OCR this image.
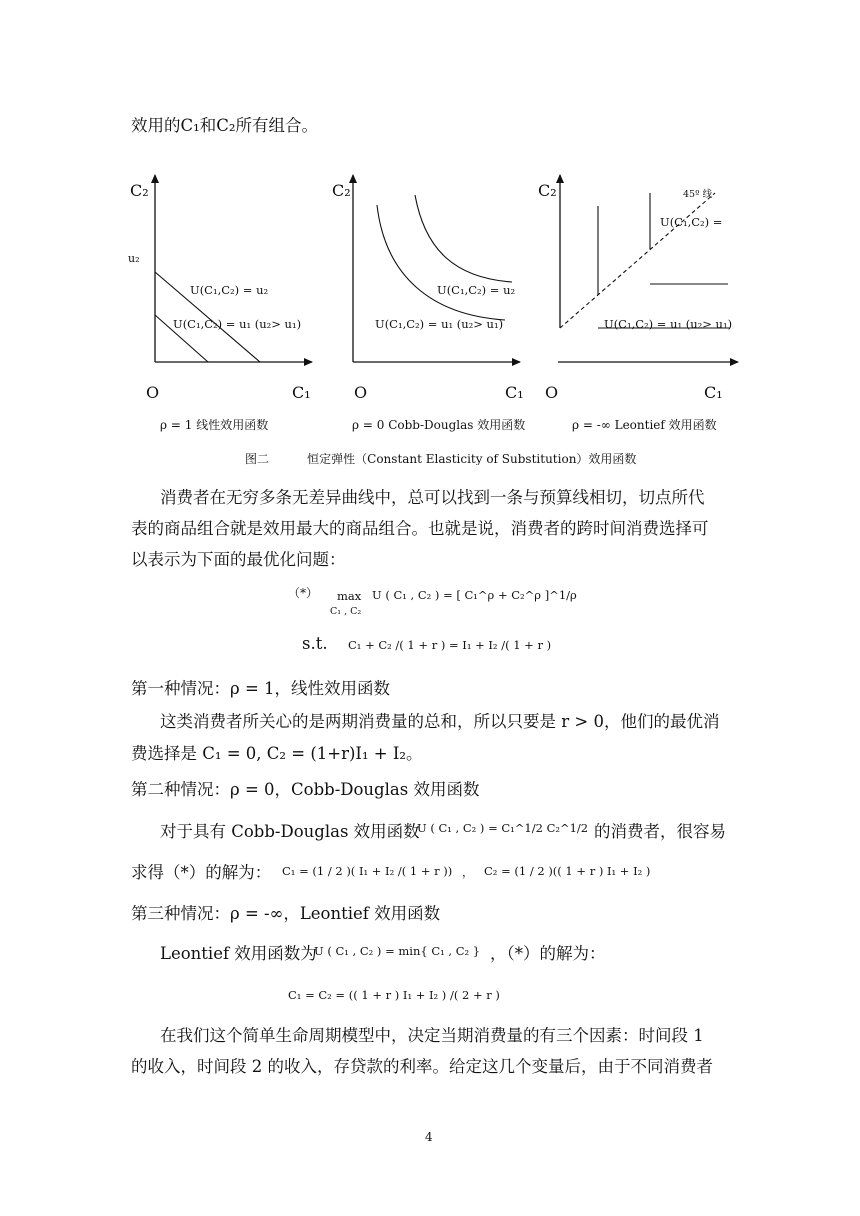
效用的C₁和C₂所有组合。
C₂
u₂
U(C₁,C₂) = u₂
U(C₁,C₂) = u₁ (u₂> u₁)
O	C₁
C₂
U(C₁,C₂) = u₂
U(C₁,C₂) = u₁ (u₂> u₁)
O	C₁
C₂	45º 线
U(C₁,C₂) =
U(C₁,C₂) = u₁ (u₂> u₁)
O	C₁
ρ = 1 线性效用函数	ρ = 0 Cobb-Douglas 效用函数	ρ = -∞ Leontief 效用函数
图二          恒定弹性（Constant Elasticity of Substitution）效用函数
消费者在无穷多条无差异曲线中，总可以找到一条与预算线相切，切点所代
表的商品组合就是效用最大的商品组合。也就是说，消费者的跨时间消费选择可
以表示为下面的最优化问题：
（*） max
C₁ , C₂
U ( C₁ , C₂ ) = [ C₁^ρ + C₂^ρ ]^1/ρ
s.t. C₁ + C₂ /( 1 + r ) = I₁ + I₂ /( 1 + r )
第一种情况：ρ = 1，线性效用函数
这类消费者所关心的是两期消费量的总和，所以只要是 r > 0，他们的最优消
费选择是 C₁ = 0, C₂ = (1+r)I₁ + I₂。
第二种情况：ρ = 0，Cobb-Douglas 效用函数
对于具有 Cobb-Douglas 效用函数
U ( C₁ , C₂ ) = C₁^1/2 C₂^1/2 的消费者，很容易
求得（*）的解为： C₁ = (1 / 2 )( I₁ + I₂ /( 1 + r )) ， C₂ = (1 / 2 )(( 1 + r ) I₁ + I₂ )
第三种情况：ρ = -∞，Leontief 效用函数
Leontief 效用函数为
U ( C₁ , C₂ ) = min{ C₁ , C₂ } ，（*）的解为：
C₁ = C₂ = (( 1 + r ) I₁ + I₂ ) /( 2 + r )
在我们这个简单生命周期模型中，决定当期消费量的有三个因素：时间段 1
的收入，时间段 2 的收入，存贷款的利率。给定这几个变量后，由于不同消费者
4
